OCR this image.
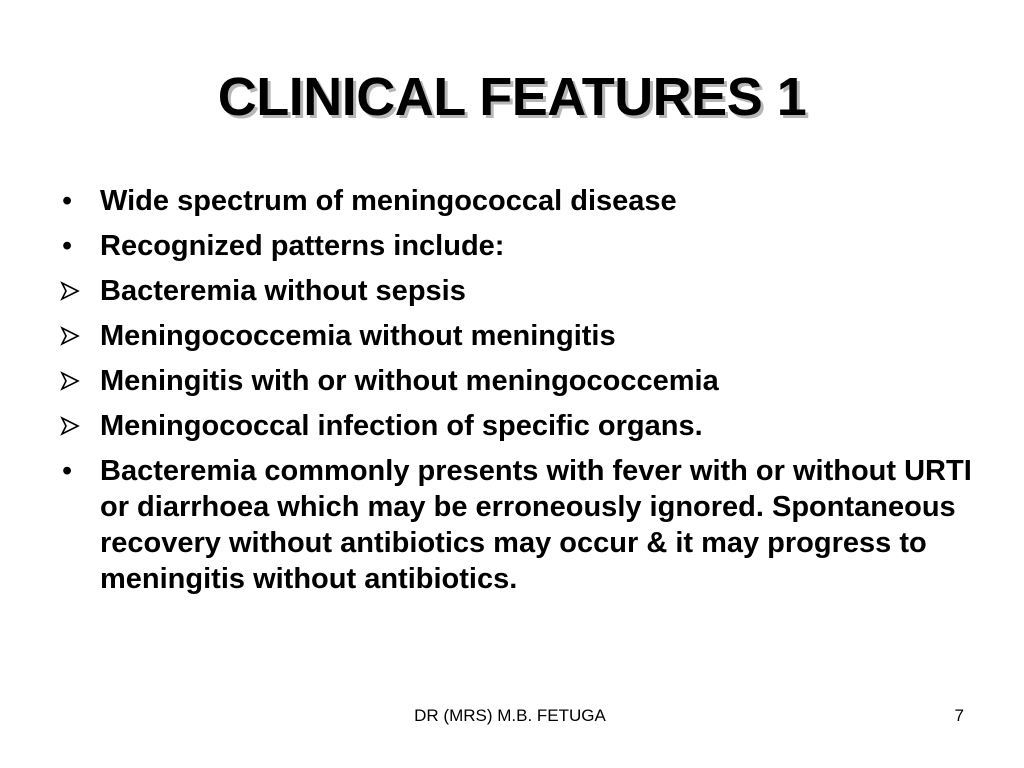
CLINICAL FEATURES 1
• Wide spectrum of meningococcal disease
• Recognized patterns include:
Bacteremia without sepsis
Meningococcemia without meningitis
Meningitis with or without meningococcemia
Meningococcal infection of specific organs.
• Bacteremia commonly presents with fever with or without URTI or diarrhoea which may be erroneously ignored. Spontaneous recovery without antibiotics may occur & it may progress to meningitis without antibiotics.
DR (MRS) M.B. FETUGA	7
